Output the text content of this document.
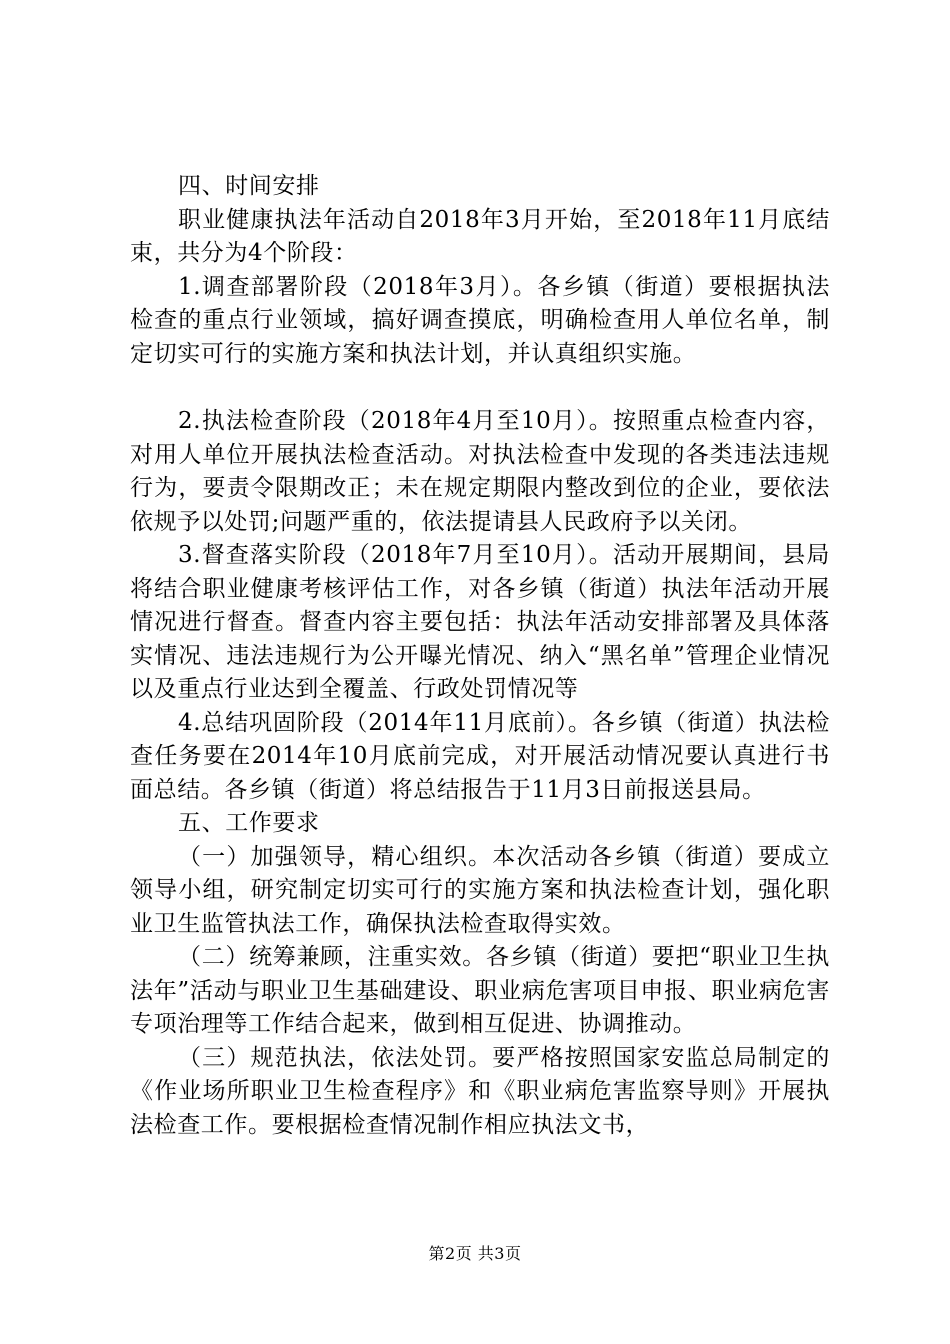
四、时间安排

职业健康执法年活动自2018年3月开始，至2018年11月底结束，共分为4个阶段：

1.调查部署阶段（2018年3月）。各乡镇（街道）要根据执法检查的重点行业领域，搞好调查摸底，明确检查用人单位名单，制定切实可行的实施方案和执法计划，并认真组织实施。

2.执法检查阶段（2018年4月至10月）。按照重点检查内容，对用人单位开展执法检查活动。对执法检查中发现的各类违法违规行为，要责令限期改正；未在规定期限内整改到位的企业，要依法依规予以处罚;问题严重的，依法提请县人民政府予以关闭。

3.督查落实阶段（2018年7月至10月）。活动开展期间，县局将结合职业健康考核评估工作，对各乡镇（街道）执法年活动开展情况进行督查。督查内容主要包括：执法年活动安排部署及具体落实情况、违法违规行为公开曝光情况、纳入“黑名单”管理企业情况以及重点行业达到全覆盖、行政处罚情况等

4.总结巩固阶段（2014年11月底前）。各乡镇（街道）执法检查任务要在2014年10月底前完成，对开展活动情况要认真进行书面总结。各乡镇（街道）将总结报告于11月3日前报送县局。

五、工作要求

（一）加强领导，精心组织。本次活动各乡镇（街道）要成立领导小组，研究制定切实可行的实施方案和执法检查计划，强化职业卫生监管执法工作，确保执法检查取得实效。

（二）统筹兼顾，注重实效。各乡镇（街道）要把“职业卫生执法年”活动与职业卫生基础建设、职业病危害项目申报、职业病危害专项治理等工作结合起来，做到相互促进、协调推动。

（三）规范执法，依法处罚。要严格按照国家安监总局制定的《作业场所职业卫生检查程序》和《职业病危害监察导则》开展执法检查工作。要根据检查情况制作相应执法文书，

第2页 共3页
